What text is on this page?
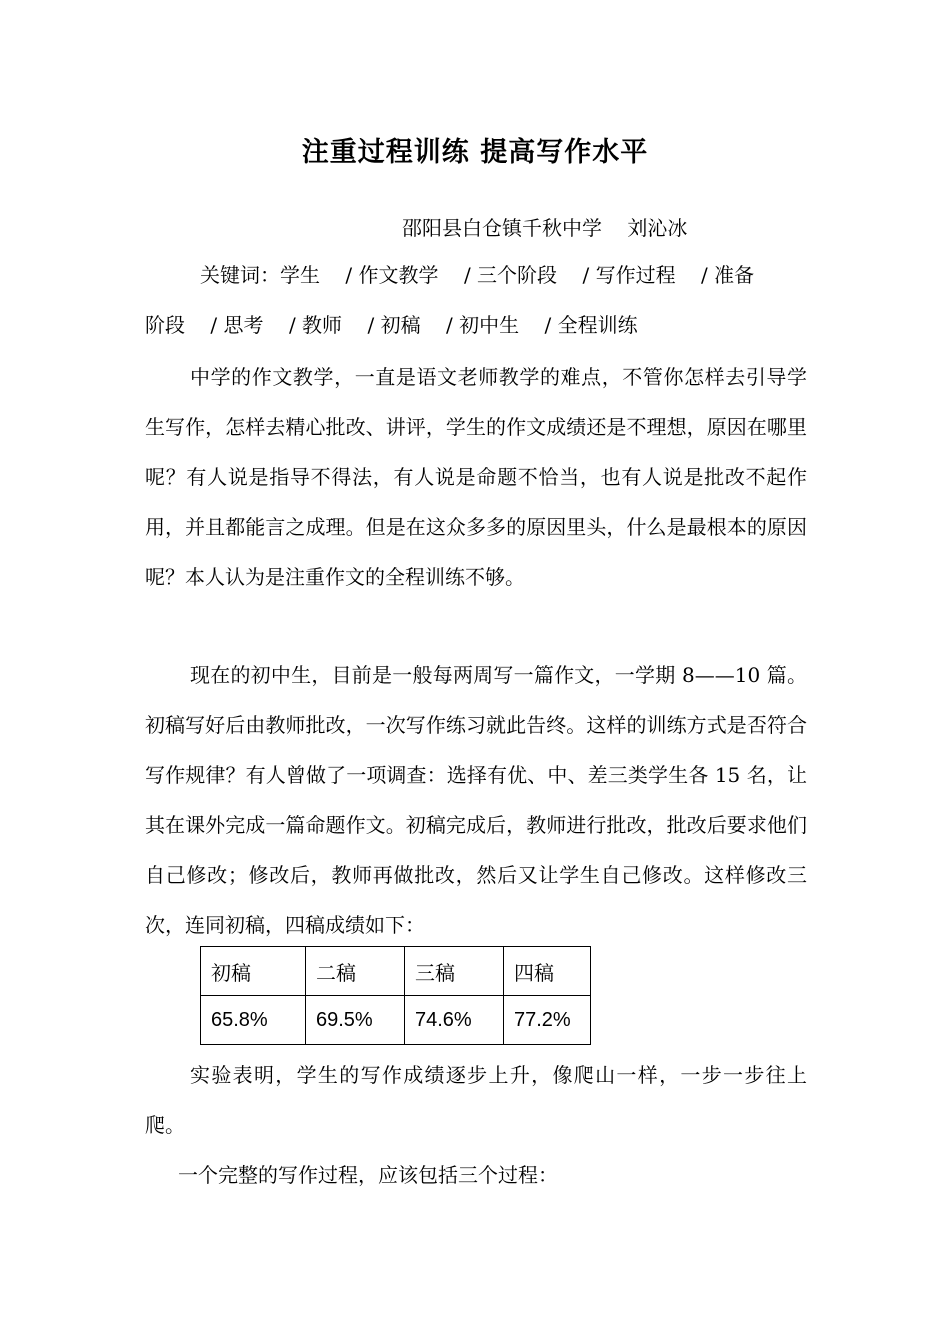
注重过程训练 提高写作水平
邵阳县白仓镇千秋中学    刘沁冰
关键词：学生    / 作文教学    / 三个阶段    / 写作过程    / 准备
阶段    / 思考    / 教师    / 初稿    / 初中生    / 全程训练

中学的作文教学，一直是语文老师教学的难点，不管你怎样去引导学生写作，怎样去精心批改、讲评，学生的作文成绩还是不理想，原因在哪里呢？有人说是指导不得法，有人说是命题不恰当，也有人说是批改不起作用，并且都能言之成理。但是在这众多多的原因里头，什么是最根本的原因呢？本人认为是注重作文的全程训练不够。

现在的初中生，目前是一般每两周写一篇作文，一学期 8——10 篇。初稿写好后由教师批改，一次写作练习就此告终。这样的训练方式是否符合写作规律？有人曾做了一项调查：选择有优、中、差三类学生各 15 名，让其在课外完成一篇命题作文。初稿完成后，教师进行批改，批改后要求他们自己修改；修改后，教师再做批改，然后又让学生自己修改。这样修改三次，连同初稿，四稿成绩如下：

初稿	二稿	三稿	四稿
65.8%	69.5%	74.6%	77.2%

实验表明，学生的写作成绩逐步上升，像爬山一样，一步一步往上爬。

一个完整的写作过程，应该包括三个过程：
